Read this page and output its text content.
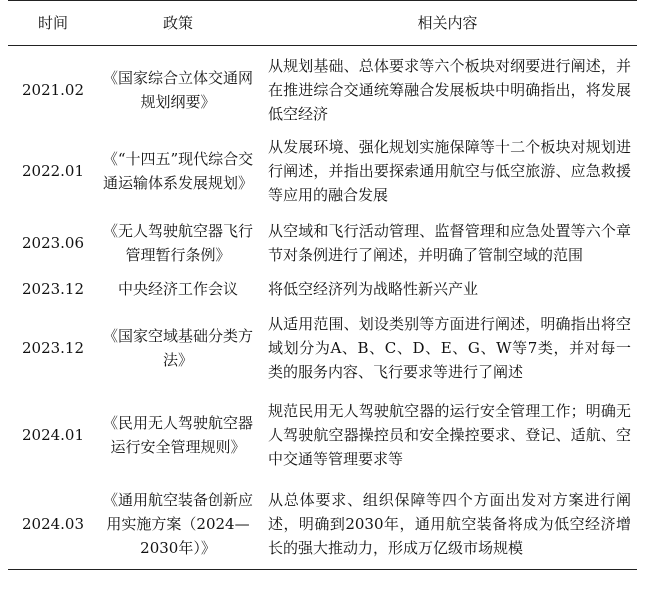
时间	政策	相关内容
2021.02	《国家综合立体交通网规划纲要》	从规划基础、总体要求等六个板块对纲要进行阐述，并在推进综合交通统筹融合发展板块中明确指出，将发展低空经济
2022.01	《“十四五”现代综合交通运输体系发展规划》	从发展环境、强化规划实施保障等十二个板块对规划进行阐述，并指出要探索通用航空与低空旅游、应急救援等应用的融合发展
2023.06	《无人驾驶航空器飞行管理暂行条例》	从空域和飞行活动管理、监督管理和应急处置等六个章节对条例进行了阐述，并明确了管制空域的范围
2023.12	中央经济工作会议	将低空经济列为战略性新兴产业
2023.12	《国家空域基础分类方法》	从适用范围、划设类别等方面进行阐述，明确指出将空域划分为A、B、C、D、E、G、W等7类，并对每一类的服务内容、飞行要求等进行了阐述
2024.01	《民用无人驾驶航空器运行安全管理规则》	规范民用无人驾驶航空器的运行安全管理工作；明确无人驾驶航空器操控员和安全操控要求、登记、适航、空中交通等管理要求等
2024.03	《通用航空装备创新应用实施方案（2024—2030年）》	从总体要求、组织保障等四个方面出发对方案进行阐述，明确到2030年，通用航空装备将成为低空经济增长的强大推动力，形成万亿级市场规模
